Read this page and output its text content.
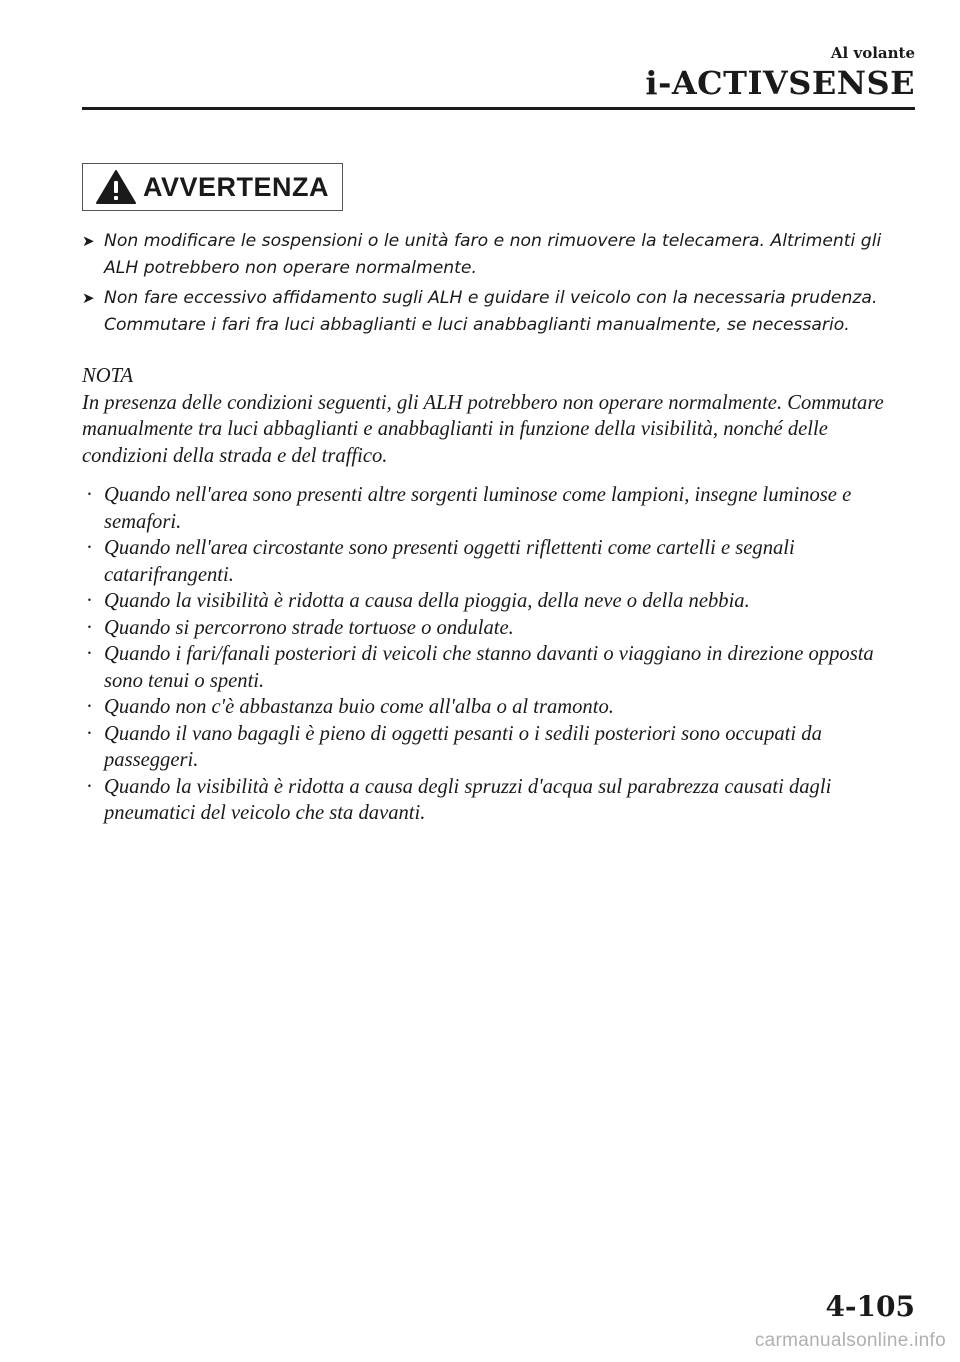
Al volante
i-ACTIVSENSE
AVVERTENZA
➤ Non modificare le sospensioni o le unità faro e non rimuovere la telecamera. Altrimenti gli ALH potrebbero non operare normalmente.
➤ Non fare eccessivo affidamento sugli ALH e guidare il veicolo con la necessaria prudenza. Commutare i fari fra luci abbaglianti e luci anabbaglianti manualmente, se necessario.
NOTA
In presenza delle condizioni seguenti, gli ALH potrebbero non operare normalmente. Commutare manualmente tra luci abbaglianti e anabbaglianti in funzione della visibilità, nonché delle condizioni della strada e del traffico.
· Quando nell'area sono presenti altre sorgenti luminose come lampioni, insegne luminose e semafori.
· Quando nell'area circostante sono presenti oggetti riflettenti come cartelli e segnali catarifrangenti.
· Quando la visibilità è ridotta a causa della pioggia, della neve o della nebbia.
· Quando si percorrono strade tortuose o ondulate.
· Quando i fari/fanali posteriori di veicoli che stanno davanti o viaggiano in direzione opposta sono tenui o spenti.
· Quando non c'è abbastanza buio come all'alba o al tramonto.
· Quando il vano bagagli è pieno di oggetti pesanti o i sedili posteriori sono occupati da passeggeri.
· Quando la visibilità è ridotta a causa degli spruzzi d'acqua sul parabrezza causati dagli pneumatici del veicolo che sta davanti.
4-105
carmanualsonline.info
